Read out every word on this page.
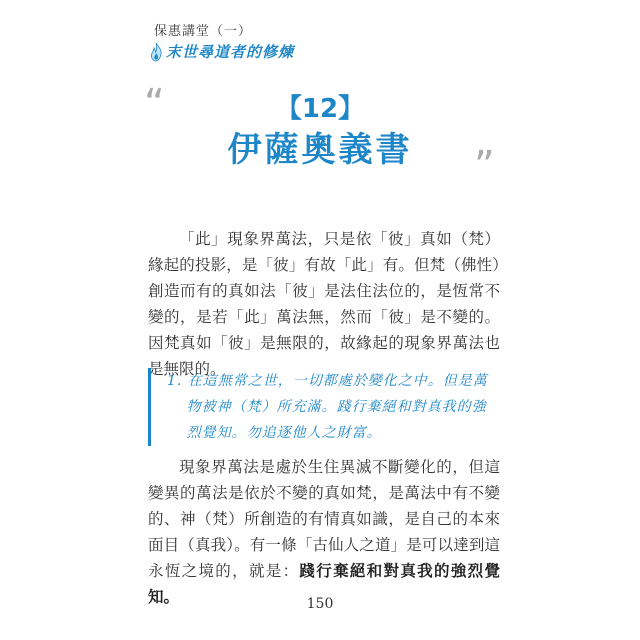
保惠講堂（一）
末世尋道者的修煉
“	【12】
伊薩奧義書	”

「此」現象界萬法，只是依「彼」真如（梵）緣起的投影，是「彼」有故「此」有。但梵（佛性）創造而有的真如法「彼」是法住法位的，是恆常不變的，是若「此」萬法無，然而「彼」是不變的。因梵真如「彼」是無限的，故緣起的現象界萬法也是無限的。

1. 在這無常之世，一切都處於變化之中。但是萬物被神（梵）所充滿。踐行棄絕和對真我的強烈覺知。勿追逐他人之財富。

現象界萬法是處於生住異滅不斷變化的，但這變異的萬法是依於不變的真如梵，是萬法中有不變的、神（梵）所創造的有情真如識，是自己的本來面目（真我）。有一條「古仙人之道」是可以達到這永恆之境的，就是：踐行棄絕和對真我的強烈覺知。	150
